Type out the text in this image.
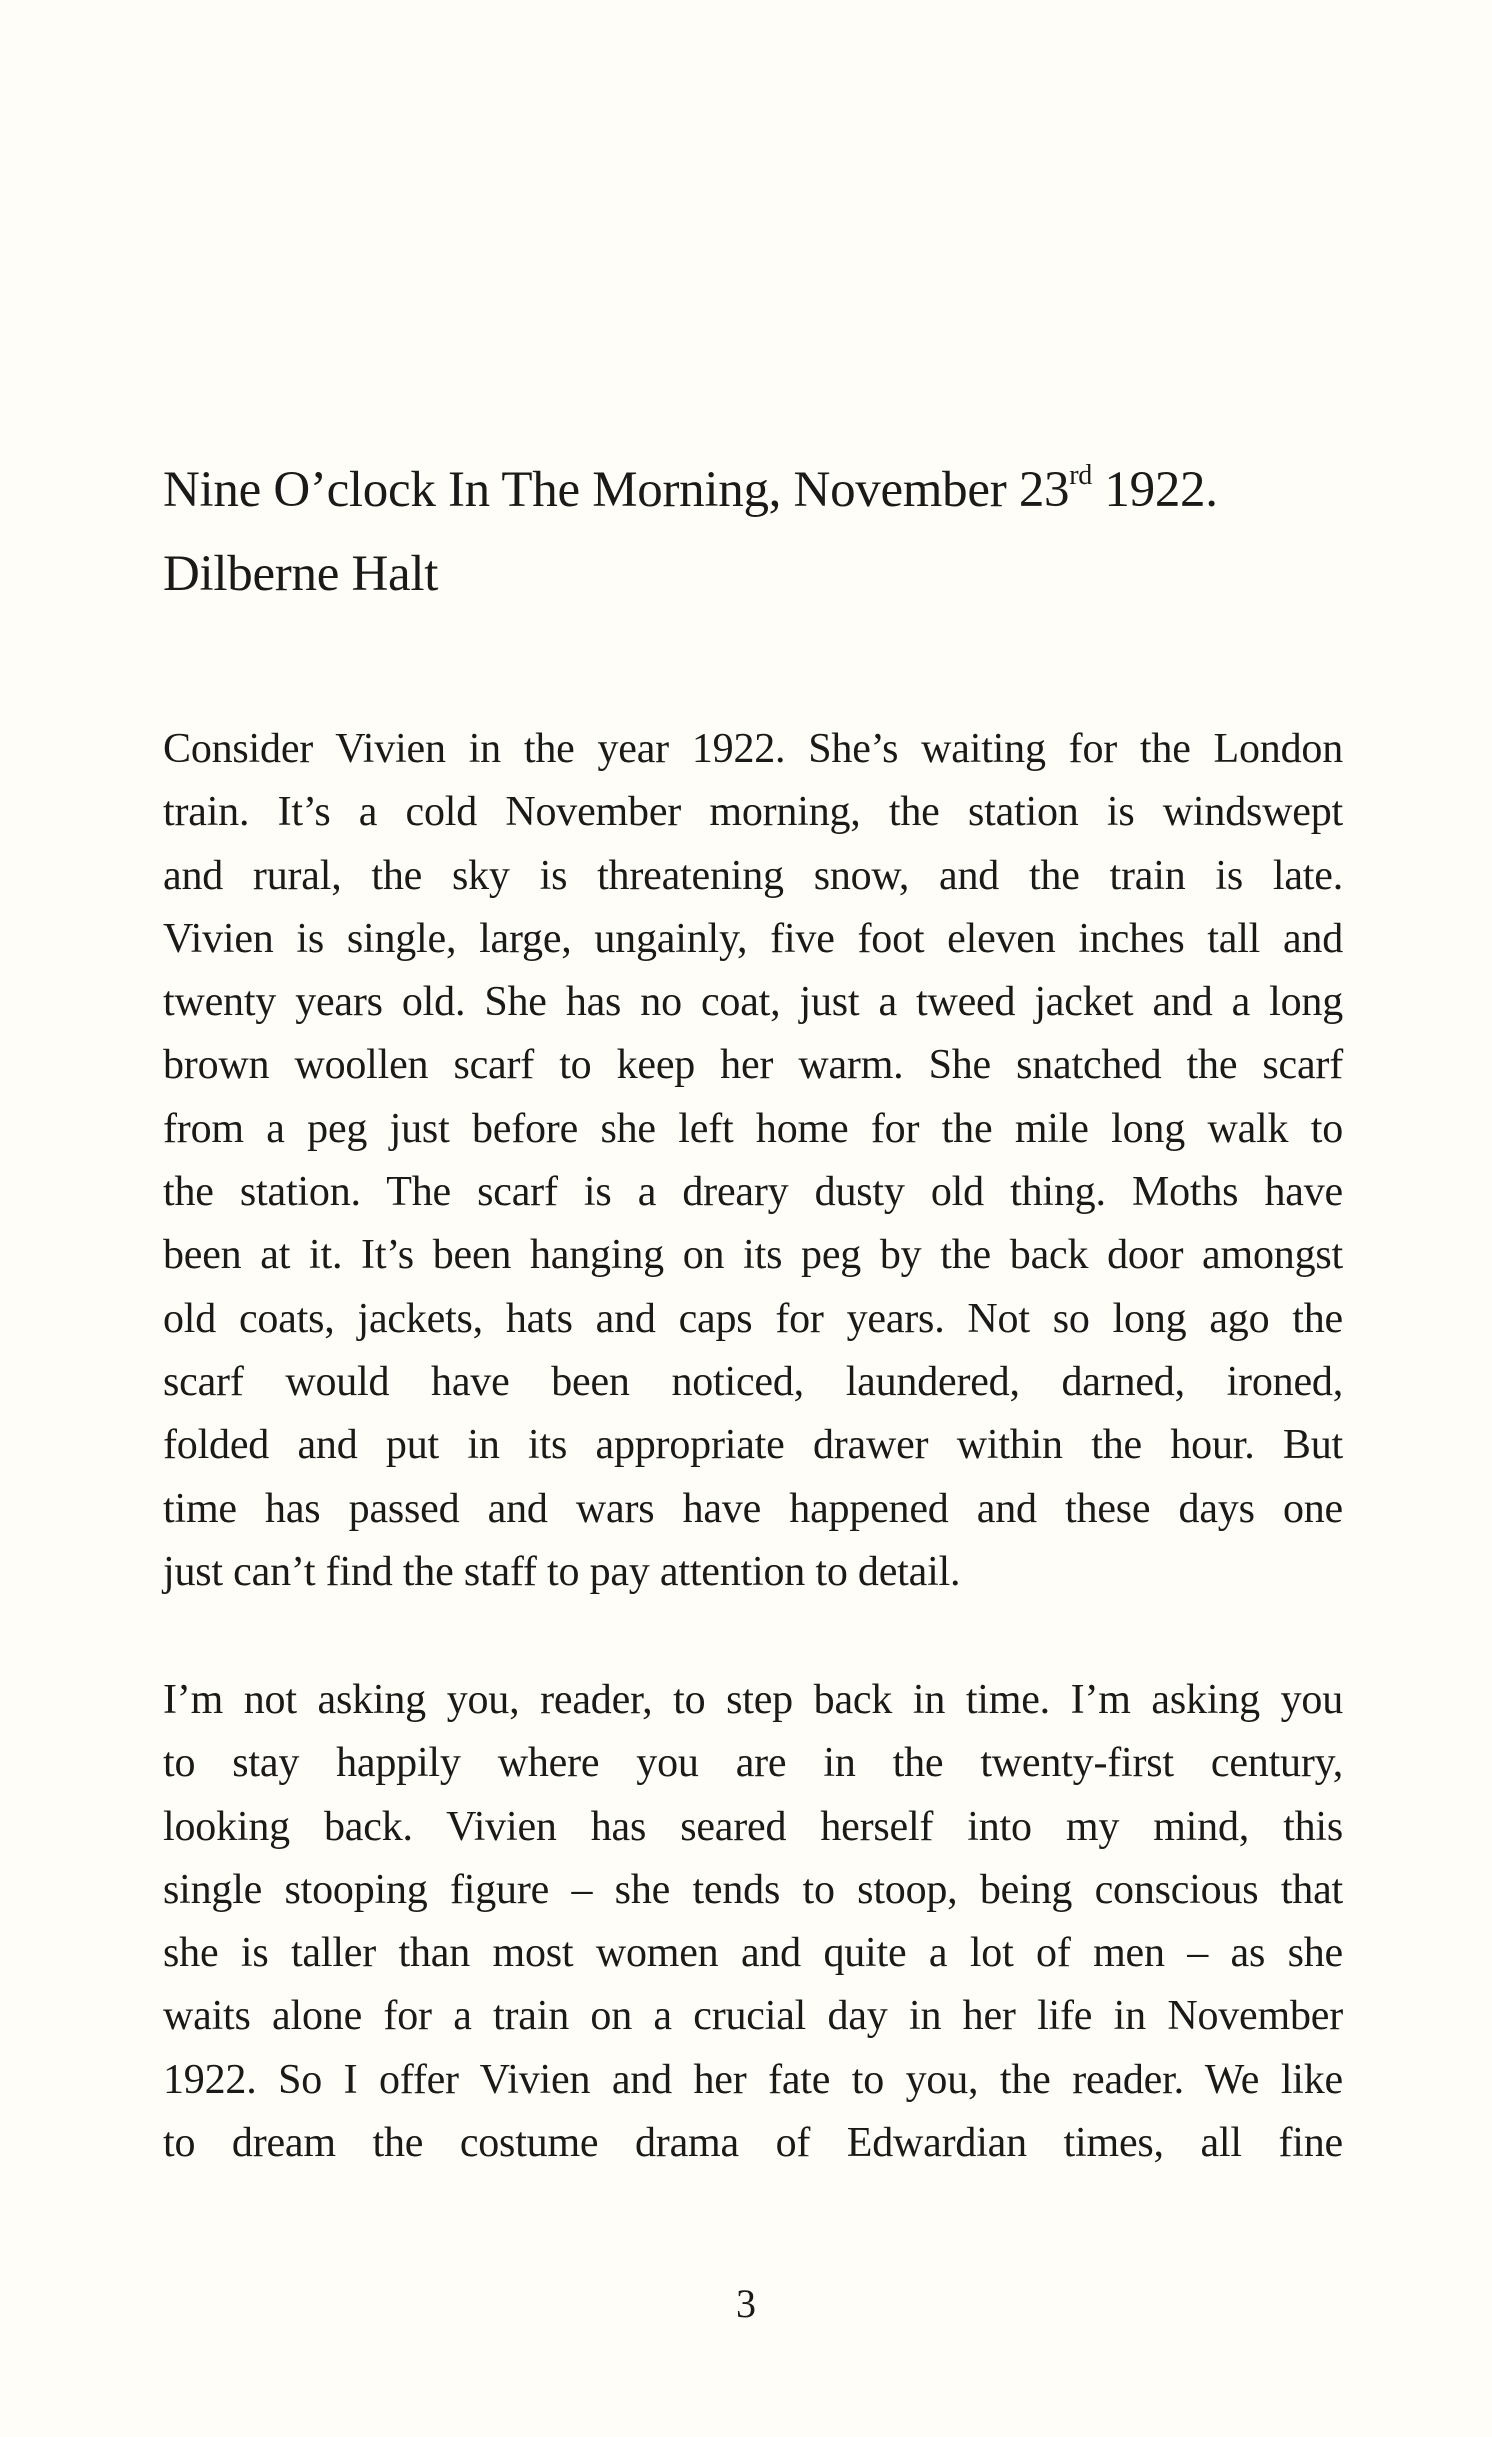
Nine O’clock In The Morning, November 23rd 1922.
Dilberne Halt

Consider Vivien in the year 1922. She’s waiting for the London
train. It’s a cold November morning, the station is windswept
and rural, the sky is threatening snow, and the train is late.
Vivien is single, large, ungainly, five foot eleven inches tall and
twenty years old. She has no coat, just a tweed jacket and a long
brown woollen scarf to keep her warm. She snatched the scarf
from a peg just before she left home for the mile long walk to
the station. The scarf is a dreary dusty old thing. Moths have
been at it. It’s been hanging on its peg by the back door amongst
old coats, jackets, hats and caps for years. Not so long ago the
scarf would have been noticed, laundered, darned, ironed,
folded and put in its appropriate drawer within the hour. But
time has passed and wars have happened and these days one
just can’t find the staff to pay attention to detail.

I’m not asking you, reader, to step back in time. I’m asking you
to stay happily where you are in the twenty-first century,
looking back. Vivien has seared herself into my mind, this
single stooping figure – she tends to stoop, being conscious that
she is taller than most women and quite a lot of men – as she
waits alone for a train on a crucial day in her life in November
1922. So I offer Vivien and her fate to you, the reader. We like
to dream the costume drama of Edwardian times, all fine

3
